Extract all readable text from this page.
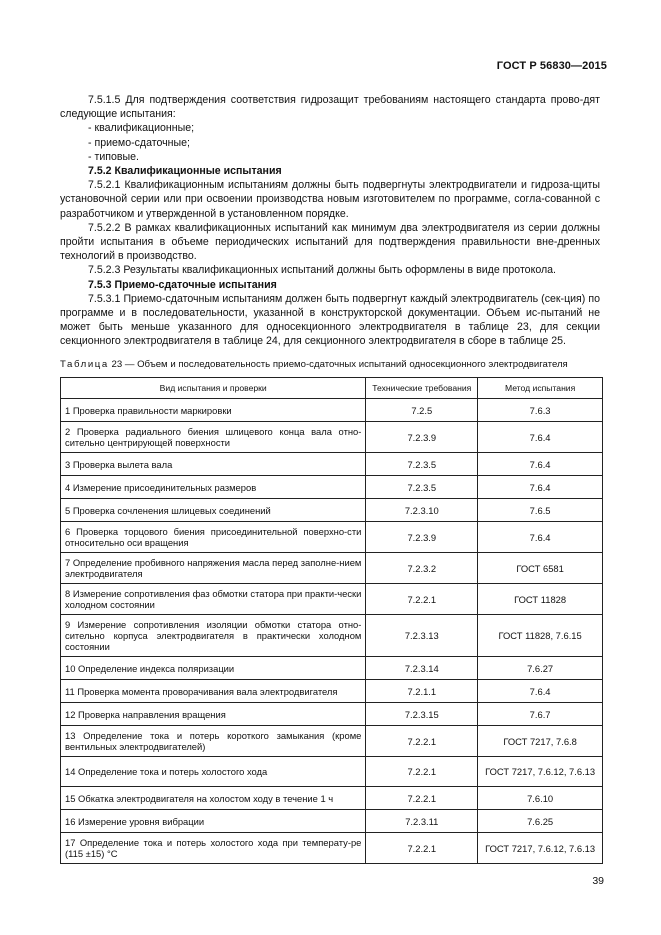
ГОСТ Р 56830—2015

7.5.1.5 Для подтверждения соответствия гидрозащит требованиям настоящего стандарта прово-дят следующие испытания:

- квалификационные;

- приемо-сдаточные;

- типовые.

7.5.2 Квалификационные испытания

7.5.2.1 Квалификационным испытаниям должны быть подвергнуты электродвигатели и гидроза-щиты установочной серии или при освоении производства новым изготовителем по программе, согла-сованной с разработчиком и утвержденной в установленном порядке.

7.5.2.2 В рамках квалификационных испытаний как минимум два электродвигателя из серии должны пройти испытания в объеме периодических испытаний для подтверждения правильности вне-дренных технологий в производство.

7.5.2.3 Результаты квалификационных испытаний должны быть оформлены в виде протокола.

7.5.3 Приемо-сдаточные испытания

7.5.3.1 Приемо-сдаточным испытаниям должен быть подвергнут каждый электродвигатель (сек-ция) по программе и в последовательности, указанной в конструкторской документации. Объем ис-пытаний не может быть меньше указанного для односекционного электродвигателя в таблице 23, для секции секционного электродвигателя в таблице 24, для секционного электродвигателя в сборе в таблице 25.

Таблица 23 — Объем и последовательность приемо-сдаточных испытаний односекционного электродвигателя
Вид испытания и проверки	Технические требования	Метод испытания
1 Проверка правильности маркировки	7.2.5	7.6.3
2 Проверка радиального биения шлицевого конца вала отно-сительно центрирующей поверхности	7.2.3.9	7.6.4
3 Проверка вылета вала	7.2.3.5	7.6.4
4 Измерение присоединительных размеров	7.2.3.5	7.6.4
5 Проверка сочленения шлицевых соединений	7.2.3.10	7.6.5
6 Проверка торцового биения присоединительной поверхно-сти относительно оси вращения	7.2.3.9	7.6.4
7 Определение пробивного напряжения масла перед заполне-нием электродвигателя	7.2.3.2	ГОСТ 6581
8 Измерение сопротивления фаз обмотки статора при практи-чески холодном состоянии	7.2.2.1	ГОСТ 11828
9 Измерение сопротивления изоляции обмотки статора отно-сительно корпуса электродвигателя в практически холодном состоянии	7.2.3.13	ГОСТ 11828, 7.6.15
10 Определение индекса поляризации	7.2.3.14	7.6.27
11 Проверка момента проворачивания вала электродвигателя	7.2.1.1	7.6.4
12 Проверка направления вращения	7.2.3.15	7.6.7
13 Определение тока и потерь короткого замыкания (кроме вентильных электродвигателей)	7.2.2.1	ГОСТ 7217, 7.6.8
14 Определение тока и потерь холостого хода	7.2.2.1	ГОСТ 7217, 7.6.12, 7.6.13
15 Обкатка электродвигателя на холостом ходу в течение 1 ч	7.2.2.1	7.6.10
16 Измерение уровня вибрации	7.2.3.11	7.6.25
17 Определение тока и потерь холостого хода при температу-ре (115 ±15) °C	7.2.2.1	ГОСТ 7217, 7.6.12, 7.6.13
39
